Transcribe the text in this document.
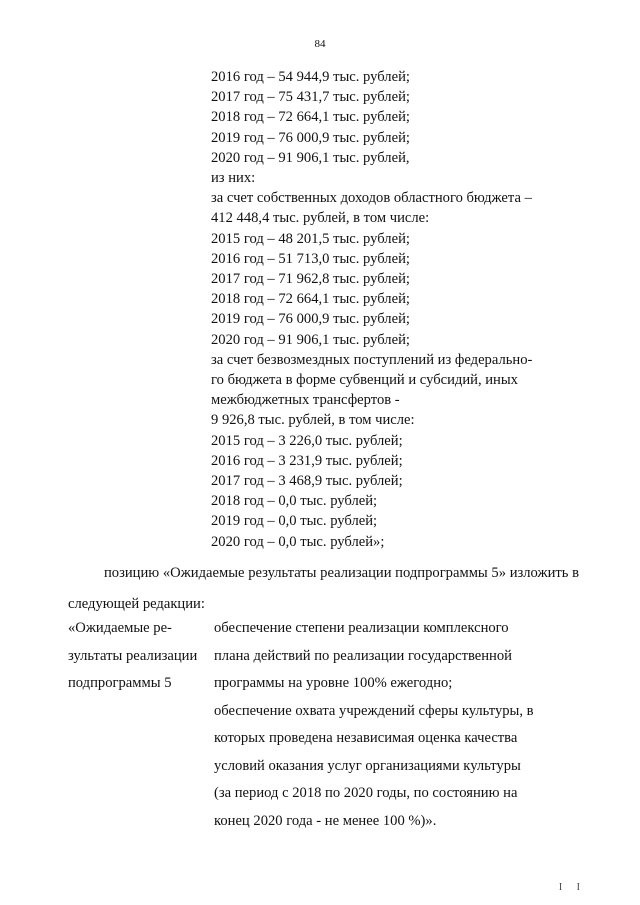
84
2016 год – 54 944,9 тыс. рублей;
2017 год – 75 431,7 тыс. рублей;
2018 год – 72 664,1 тыс. рублей;
2019 год – 76 000,9 тыс. рублей;
2020 год – 91 906,1 тыс. рублей,
из них:
за счет собственных доходов областного бюджета –
412 448,4 тыс. рублей, в том числе:
2015 год – 48 201,5 тыс. рублей;
2016 год – 51 713,0 тыс. рублей;
2017 год – 71 962,8 тыс. рублей;
2018 год – 72 664,1 тыс. рублей;
2019 год – 76 000,9 тыс. рублей;
2020 год – 91 906,1 тыс. рублей;
за счет безвозмездных поступлений из федерально-
го бюджета в форме субвенций и субсидий, иных
межбюджетных трансфертов -
9 926,8 тыс. рублей, в том числе:
2015 год – 3 226,0 тыс. рублей;
2016 год – 3 231,9 тыс. рублей;
2017 год – 3 468,9 тыс. рублей;
2018 год – 0,0 тыс. рублей;
2019 год – 0,0 тыс. рублей;
2020 год – 0,0 тыс. рублей»;
позицию «Ожидаемые результаты реализации подпрограммы 5» изложить в следующей редакции:
«Ожидаемые ре-
зультаты реализации
подпрограммы 5
обеспечение степени реализации комплексного
плана действий по реализации государственной
программы на уровне 100% ежегодно;
обеспечение охвата учреждений сферы культуры, в
которых проведена независимая оценка качества
условий оказания услуг организациями культуры
(за период с 2018 по 2020 годы, по состоянию на
конец 2020 года - не менее 100 %)».
I I
